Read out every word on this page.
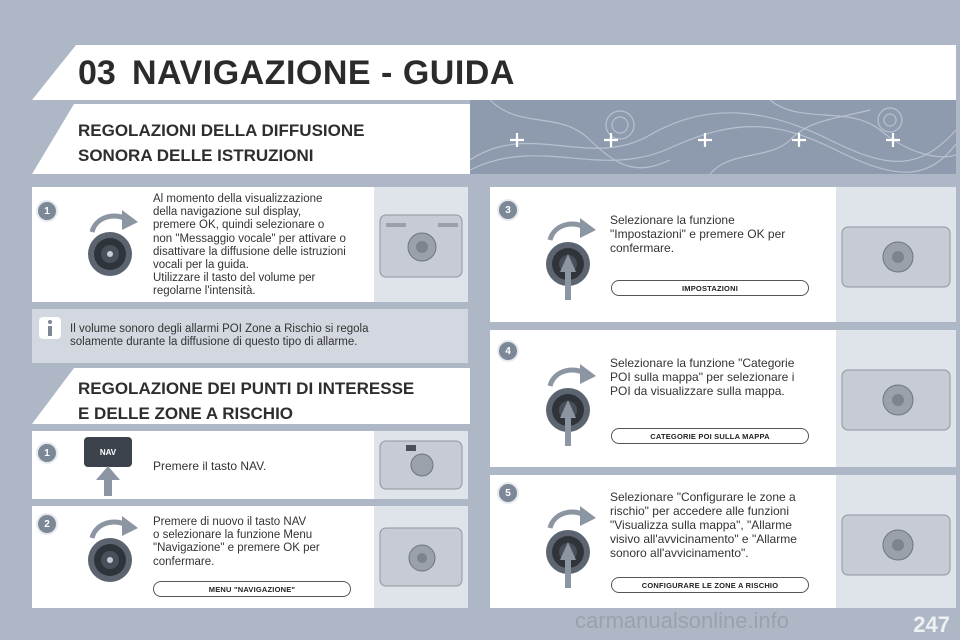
03 NAVIGAZIONE - GUIDA
REGOLAZIONI DELLA DIFFUSIONE
SONORA DELLE ISTRUZIONI
1
Al momento della visualizzazione
della navigazione sul display,
premere OK, quindi selezionare o
non "Messaggio vocale" per attivare o
disattivare la diffusione delle istruzioni
vocali per la guida.
Utilizzare il tasto del volume per
regolarne l'intensità.
Il volume sonoro degli allarmi POI Zone a Rischio si regola
solamente durante la diffusione di questo tipo di allarme.
REGOLAZIONE DEI PUNTI DI INTERESSE
E DELLE ZONE A RISCHIO
1	NAV
Premere il tasto NAV.
2	Premere di nuovo il tasto NAV
o selezionare la funzione Menu
"Navigazione" e premere OK per
confermare.
MENU "NAVIGAZIONE"
3
Selezionare la funzione
"Impostazioni" e premere OK per
confermare.
IMPOSTAZIONI
4
Selezionare la funzione "Categorie
POI sulla mappa" per selezionare i
POI da visualizzare sulla mappa.
CATEGORIE POI SULLA MAPPA
5	Selezionare "Configurare le zone a
rischio" per accedere alle funzioni
"Visualizza sulla mappa", "Allarme
visivo all'avvicinamento" e "Allarme
sonoro all'avvicinamento".
CONFIGURARE LE ZONE A RISCHIO
carmanualsonline.info	247
